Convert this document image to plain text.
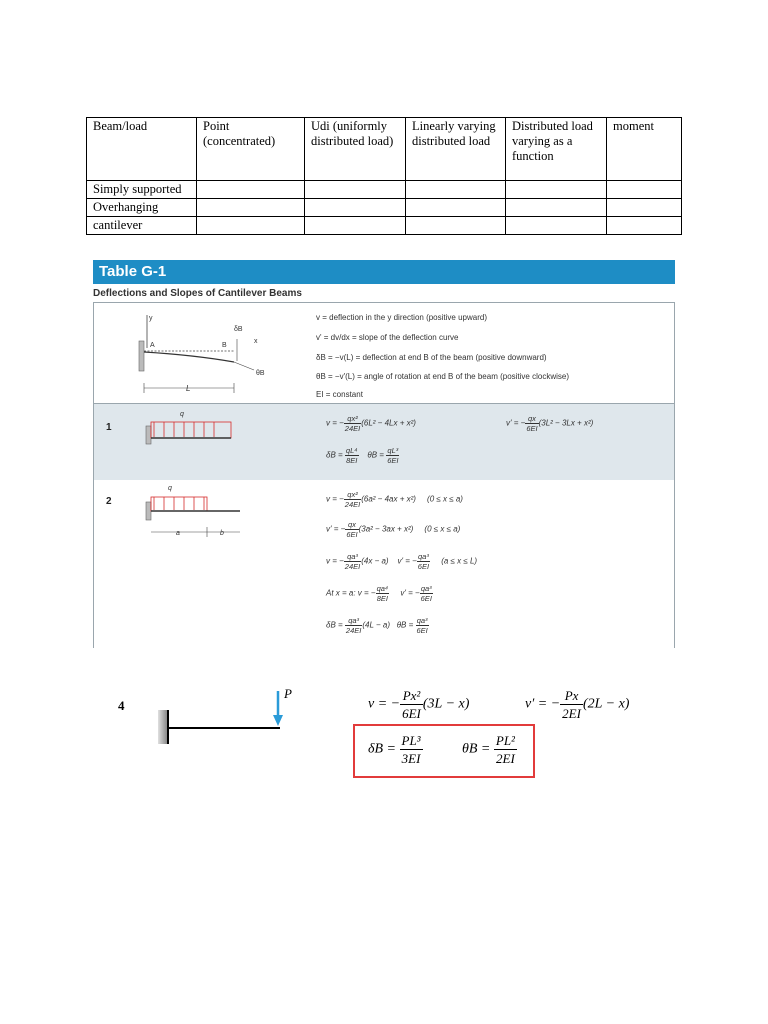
Beam/load	Point (concentrated)	Udi (uniformly distributed load)	Linearly varying distributed load	Distributed load varying as a function	moment
Simply supported					
Overhanging					
cantilever					
Table G-1
Deflections and Slopes of Cantilever Beams
y
A	B
δB
x
θB
L
v = deflection in the y direction (positive upward)
v' = dv/dx = slope of the deflection curve
δB = −v(L) = deflection at end B of the beam (positive downward)
θB = −v'(L) = angle of rotation at end B of the beam (positive clockwise)
EI = constant
1
q
v = − $\frac{\text{qx²}}{24EI} (6L^2 - 4Lx + x^2)$	v' = − $\frac{qx}{6EI} (3L^2 - 3Lx + x^2)$
$\delta B = \frac{\text{qL⁴}}{8EI}$ $\theta B = \frac{\text{qL³}}{6EI}$
2
q
a	b
v = − $\frac{\text{qx²}}{24EI} (6a^2 - 4ax + x^2) (0 \le x \le a)$
v' = − $\frac{qx}{6EI} (3a^2 - 3ax + x^2) (0 \le x \le a)$
v = − $\frac{\text{qa³}}{24EI} (4x - a) v'$ = − $\frac{\text{qa³}}{6EI} (a \le x \le L)$
At x = a: v = − $\frac{\text{qa⁴}}{8EI} v'$ = − $\frac{\text{qa³}}{6EI}$
$\delta B = \frac{\text{qa³}}{24EI} (4L - a) \theta B = \frac{\text{qa³}}{6EI}$
4
P
v = − $\frac{\text{Px²}}{6EI} (3L - x)$	v′ = − $\frac{Px}{2EI} (2L - x)$
$\delta B = \frac{\text{PL³}}{3EI}$	$\theta B = \frac{\text{PL²}}{2EI}$
